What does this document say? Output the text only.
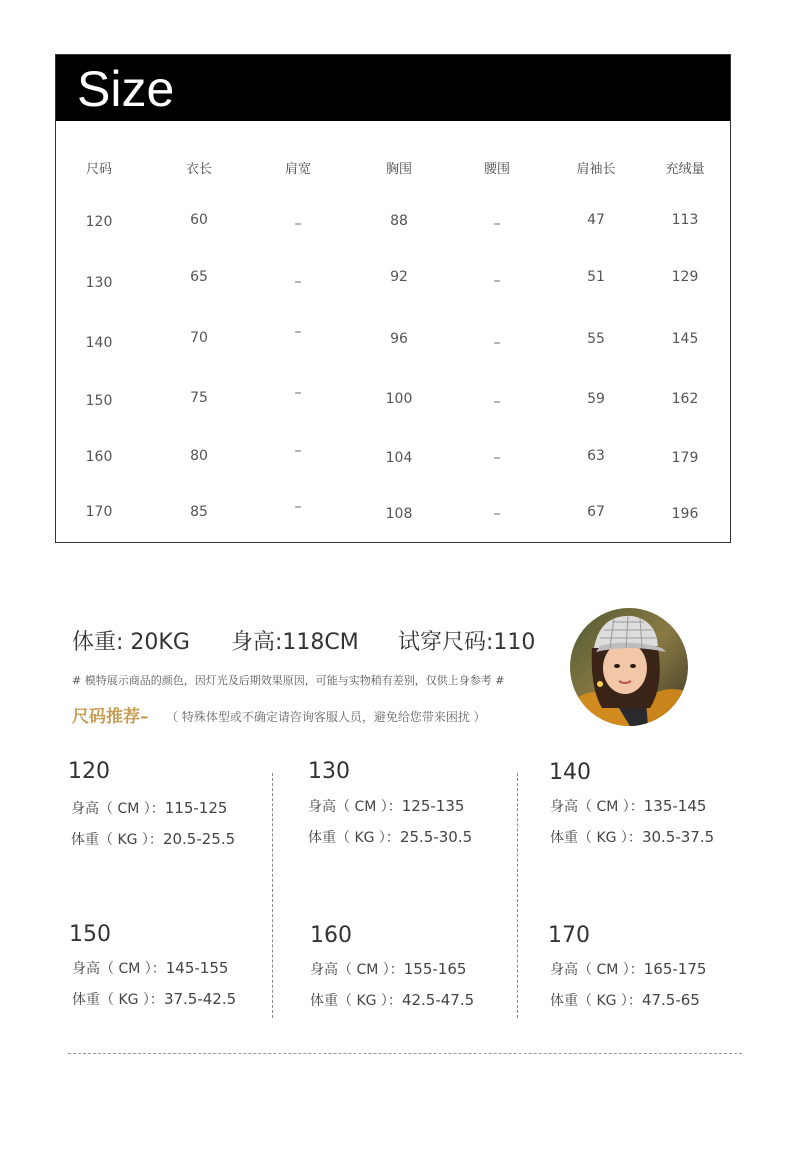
Size
尺码	衣长	肩宽	胸围	腰围	肩袖长	充绒量
120	60	–	88	–	47	113
130	65	–	92	–	51	129
140	70	–	96	–	55	145
150	75	–	100	–	59	162
160	80	–	104	–	63	179
170	85	–	108	–	67	196
体重: 20KG 身高:118CM 试穿尺码:110
# 模特展示商品的颜色，因灯光及后期效果原因，可能与实物稍有差别，仅供上身参考 #
尺码推荐– （ 特殊体型或不确定请咨询客服人员，避免给您带来困扰 ）
120
身高（ CM ）：115-125
体重（ KG ）：20.5-25.5
130
身高（ CM ）：125-135
体重（ KG ）：25.5-30.5
140
身高（ CM ）：135-145
体重（ KG ）：30.5-37.5
150
身高（ CM ）：145-155
体重（ KG ）：37.5-42.5
160
身高（ CM ）：155-165
体重（ KG ）：42.5-47.5
170
身高（ CM ）：165-175
体重（ KG ）：47.5-65
